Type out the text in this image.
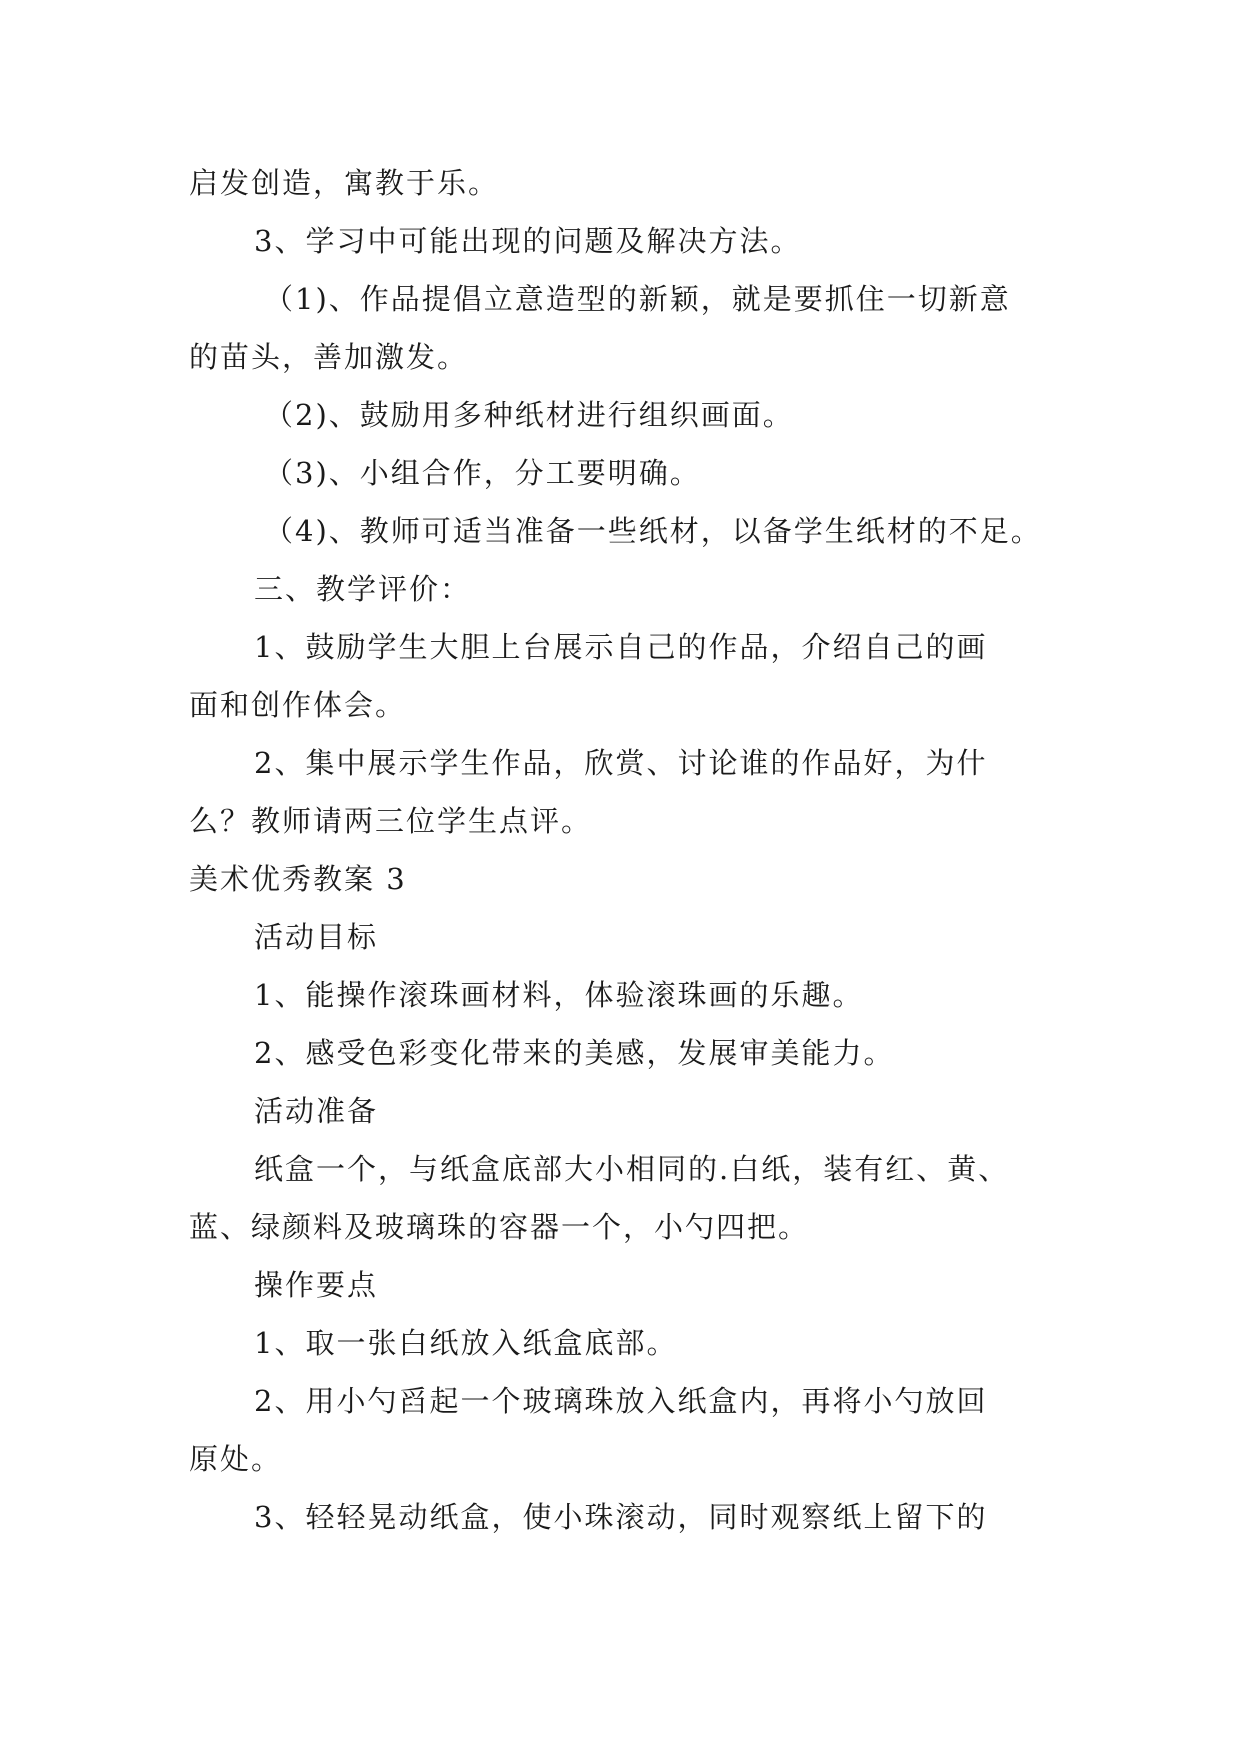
启发创造，寓教于乐。
3、学习中可能出现的问题及解决方法。
（1)、作品提倡立意造型的新颖，就是要抓住一切新意
的苗头，善加激发。
（2)、鼓励用多种纸材进行组织画面。
（3)、小组合作，分工要明确。
（4)、教师可适当准备一些纸材，以备学生纸材的不足。
三、教学评价：
1、鼓励学生大胆上台展示自己的作品，介绍自己的画
面和创作体会。
2、集中展示学生作品，欣赏、讨论谁的作品好，为什
么？教师请两三位学生点评。
美术优秀教案 3
活动目标
1、能操作滚珠画材料，体验滚珠画的乐趣。
2、感受色彩变化带来的美感，发展审美能力。
活动准备
纸盒一个，与纸盒底部大小相同的.白纸，装有红、黄、
蓝、绿颜料及玻璃珠的容器一个，小勺四把。
操作要点
1、取一张白纸放入纸盒底部。
2、用小勺舀起一个玻璃珠放入纸盒内，再将小勺放回
原处。
3、轻轻晃动纸盒，使小珠滚动，同时观察纸上留下的
